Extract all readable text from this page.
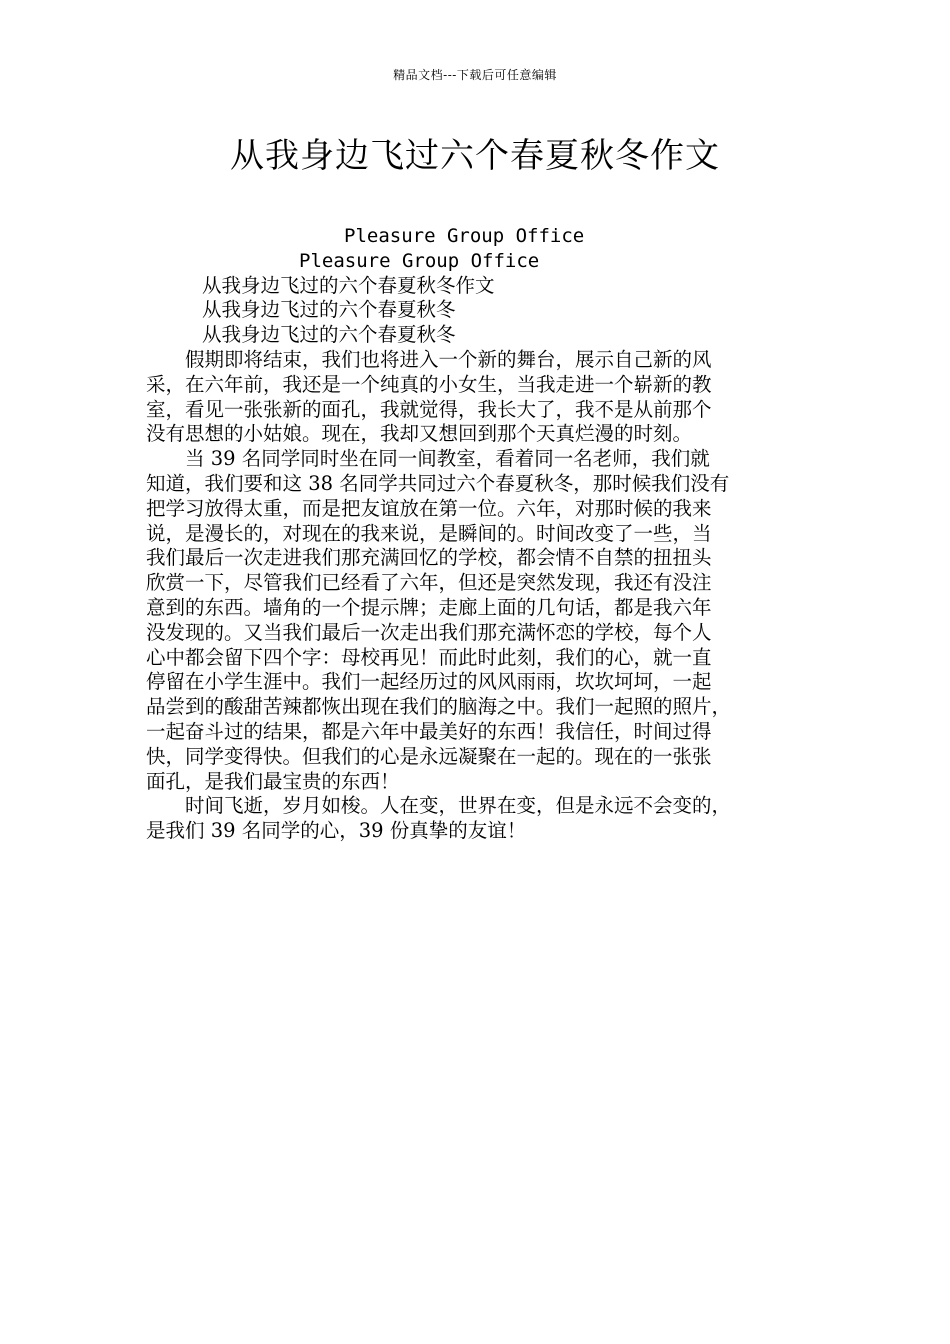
精品文档---下载后可任意编辑
从我身边飞过六个春夏秋冬作文
Pleasure Group Office
Pleasure Group Office
从我身边飞过的六个春夏秋冬作文
从我身边飞过的六个春夏秋冬
从我身边飞过的六个春夏秋冬
　　假期即将结束，我们也将进入一个新的舞台，展示自己新的风
采，在六年前，我还是一个纯真的小女生，当我走进一个崭新的教
室，看见一张张新的面孔，我就觉得，我长大了，我不是从前那个
没有思想的小姑娘。现在，我却又想回到那个天真烂漫的时刻。
　　当 39 名同学同时坐在同一间教室，看着同一名老师，我们就
知道，我们要和这 38 名同学共同过六个春夏秋冬，那时候我们没有
把学习放得太重，而是把友谊放在第一位。六年，对那时候的我来
说，是漫长的，对现在的我来说，是瞬间的。时间改变了一些，当
我们最后一次走进我们那充满回忆的学校，都会情不自禁的扭扭头
欣赏一下，尽管我们已经看了六年，但还是突然发现，我还有没注
意到的东西。墙角的一个提示牌；走廊上面的几句话，都是我六年
没发现的。又当我们最后一次走出我们那充满怀恋的学校，每个人
心中都会留下四个字：母校再见！而此时此刻，我们的心，就一直
停留在小学生涯中。我们一起经历过的风风雨雨，坎坎坷坷，一起
品尝到的酸甜苦辣都恢出现在我们的脑海之中。我们一起照的照片，
一起奋斗过的结果，都是六年中最美好的东西！我信任，时间过得
快，同学变得快。但我们的心是永远凝聚在一起的。现在的一张张
面孔，是我们最宝贵的东西！
　　时间飞逝，岁月如梭。人在变，世界在变，但是永远不会变的，
是我们 39 名同学的心，39 份真挚的友谊！
